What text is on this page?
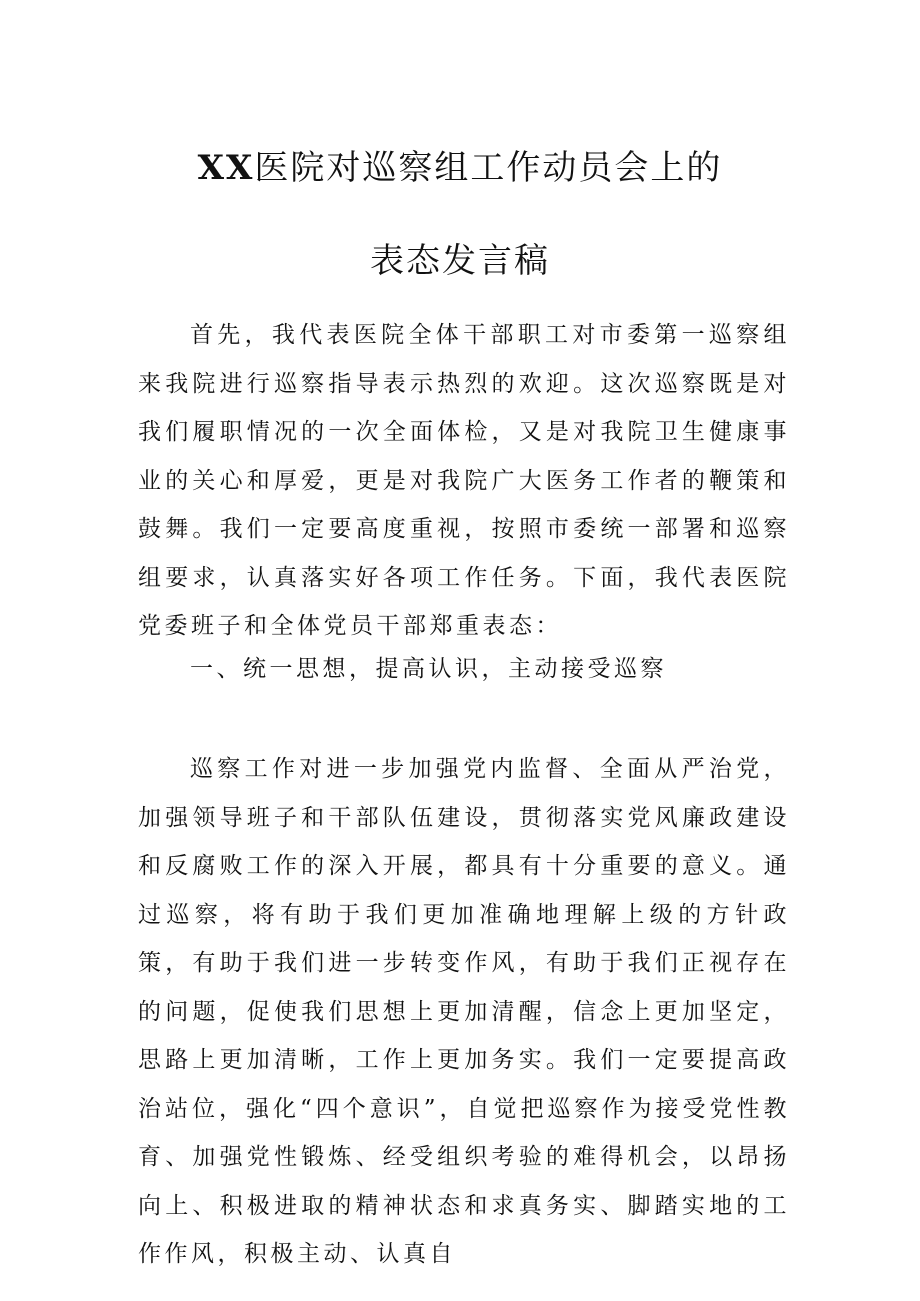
XX医院对巡察组工作动员会上的
表态发言稿

首先，我代表医院全体干部职工对市委第一巡察组来我院进行巡察指导表示热烈的欢迎。这次巡察既是对我们履职情况的一次全面体检，又是对我院卫生健康事业的关心和厚爱，更是对我院广大医务工作者的鞭策和鼓舞。我们一定要高度重视，按照市委统一部署和巡察组要求，认真落实好各项工作任务。下面，我代表医院党委班子和全体党员干部郑重表态：

一、统一思想，提高认识，主动接受巡察

巡察工作对进一步加强党内监督、全面从严治党，加强领导班子和干部队伍建设，贯彻落实党风廉政建设和反腐败工作的深入开展，都具有十分重要的意义。通过巡察，将有助于我们更加准确地理解上级的方针政策，有助于我们进一步转变作风，有助于我们正视存在的问题，促使我们思想上更加清醒，信念上更加坚定，思路上更加清晰，工作上更加务实。我们一定要提高政治站位，强化“四个意识”，自觉把巡察作为接受党性教育、加强党性锻炼、经受组织考验的难得机会，以昂扬向上、积极进取的精神状态和求真务实、脚踏实地的工作作风，积极主动、认真自
